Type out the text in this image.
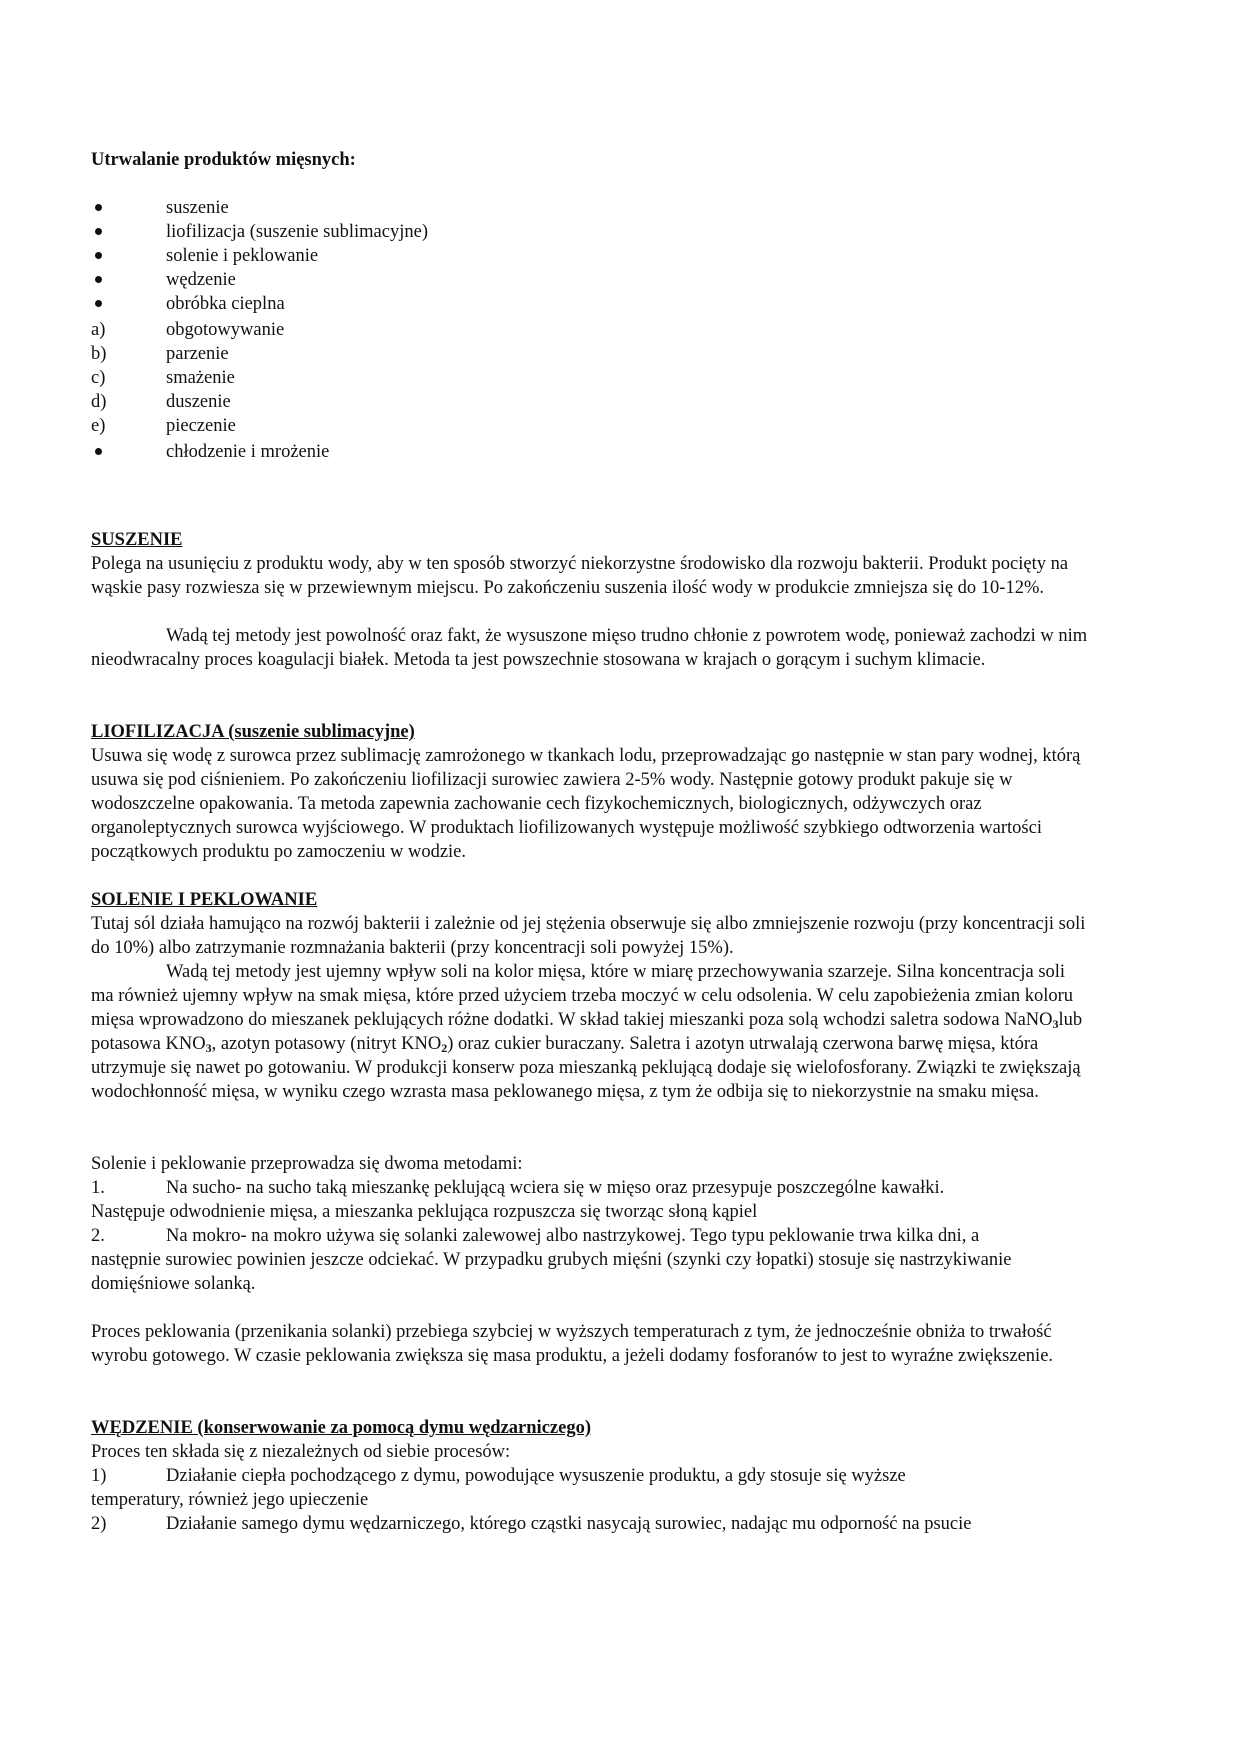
Utrwalanie produktów mięsnych:
suszenie
liofilizacja (suszenie sublimacyjne)
solenie i peklowanie
wędzenie
obróbka cieplna
a)	obgotowywanie
b)	parzenie
c)	smażenie
d)	duszenie
e)	pieczenie
chłodzenie i mrożenie
SUSZENIE

Polega na usunięciu z produktu wody, aby w ten sposób stworzyć niekorzystne środowisko dla rozwoju bakterii. Produkt pocięty na wąskie pasy rozwiesza się w przewiewnym miejscu. Po zakończeniu suszenia ilość wody w produkcie zmniejsza się do 10-12%.

Wadą tej metody jest powolność oraz fakt, że wysuszone mięso trudno chłonie z powrotem wodę, ponieważ zachodzi w nim nieodwracalny proces koagulacji białek. Metoda ta jest powszechnie stosowana w krajach o gorącym i suchym klimacie.

LIOFILIZACJA (suszenie sublimacyjne)

Usuwa się wodę z surowca przez sublimację zamrożonego w tkankach lodu, przeprowadzając go następnie w stan pary wodnej, którą usuwa się pod ciśnieniem. Po zakończeniu liofilizacji surowiec zawiera 2-5% wody. Następnie gotowy produkt pakuje się w wodoszczelne opakowania. Ta metoda zapewnia zachowanie cech fizykochemicznych, biologicznych, odżywczych oraz organoleptycznych surowca wyjściowego. W produktach liofilizowanych występuje możliwość szybkiego odtworzenia wartości początkowych produktu po zamoczeniu w wodzie.

SOLENIE I PEKLOWANIE

Tutaj sól działa hamująco na rozwój bakterii i zależnie od jej stężenia obserwuje się albo zmniejszenie rozwoju (przy koncentracji soli do 10%) albo zatrzymanie rozmnażania bakterii (przy koncentracji soli powyżej 15%).

Wadą tej metody jest ujemny wpływ soli na kolor mięsa, które w miarę przechowywania szarzeje. Silna koncentracja soli ma również ujemny wpływ na smak mięsa, które przed użyciem trzeba moczyć w celu odsolenia. W celu zapobieżenia zmian koloru mięsa wprowadzono do mieszanek peklujących różne dodatki. W skład takiej mieszanki poza solą wchodzi saletra sodowa NaNO$_3$lub potasowa $KNO_3$, azotyn potasowy (nitryt $KNO_2$) oraz cukier buraczany. Saletra i azotyn utrwalają czerwona barwę mięsa, która utrzymuje się nawet po gotowaniu. W produkcji konserw poza mieszanką peklującą dodaje się wielofosforany. Związki te zwiększają wodochłonność mięsa, w wyniku czego wzrasta masa peklowanego mięsa, z tym że odbija się to niekorzystnie na smaku mięsa.

Solenie i peklowanie przeprowadza się dwoma metodami:

1.	Na sucho- na sucho taką mieszankę peklującą wciera się w mięso oraz przesypuje poszczególne kawałki.

Następuje odwodnienie mięsa, a mieszanka peklująca rozpuszcza się tworząc słoną kąpiel

2.	Na mokro- na mokro używa się solanki zalewowej albo nastrzykowej. Tego typu peklowanie trwa kilka dni, a

następnie surowiec powinien jeszcze odciekać. W przypadku grubych mięśni (szynki czy łopatki) stosuje się nastrzykiwanie domięśniowe solanką.

Proces peklowania (przenikania solanki) przebiega szybciej w wyższych temperaturach z tym, że jednocześnie obniża to trwałość wyrobu gotowego. W czasie peklowania zwiększa się masa produktu, a jeżeli dodamy fosforanów to jest to wyraźne zwiększenie.

WĘDZENIE (konserwowanie za pomocą dymu wędzarniczego)

Proces ten składa się z niezależnych od siebie procesów:

1)	Działanie ciepła pochodzącego z dymu, powodujące wysuszenie produktu, a gdy stosuje się wyższe

temperatury, również jego upieczenie

2)	Działanie samego dymu wędzarniczego, którego cząstki nasycają surowiec, nadając mu odporność na psucie
